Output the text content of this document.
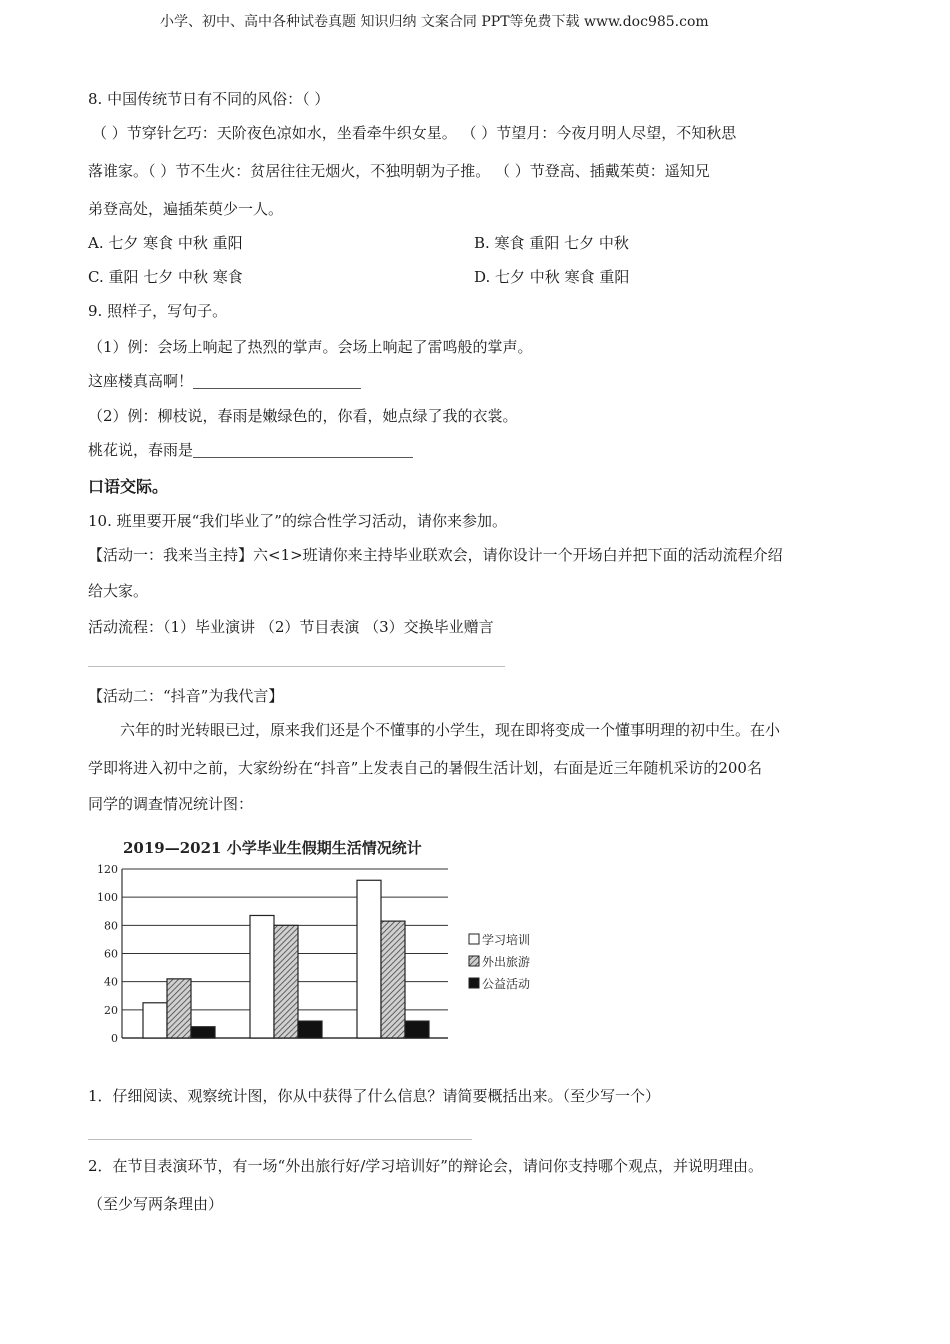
小学、初中、高中各种试卷真题 知识归纳 文案合同 PPT等免费下载 www.doc985.com
8. 中国传统节日有不同的风俗：（ ）
（ ）节穿针乞巧：天阶夜色凉如水，坐看牵牛织女星。 （ ）节望月：今夜月明人尽望，不知秋思
落谁家。（ ）节不生火：贫居往往无烟火，不独明朝为子推。 （ ）节登高、插戴茱萸：遥知兄
弟登高处，遍插茱萸少一人。
A. 七夕 寒食 中秋 重阳	B. 寒食 重阳 七夕 中秋
C. 重阳 七夕 中秋 寒食	D. 七夕 中秋 寒食 重阳
9. 照样子，写句子。
（1）例：会场上响起了热烈的掌声。会场上响起了雷鸣般的掌声。
这座楼真高啊！
（2）例：柳枝说，春雨是嫩绿色的，你看，她点绿了我的衣裳。
桃花说，春雨是
口语交际。
10. 班里要开展“我们毕业了”的综合性学习活动，请你来参加。
【活动一：我来当主持】六<1>班请你来主持毕业联欢会，请你设计一个开场白并把下面的活动流程介绍
给大家。
活动流程：（1）毕业演讲 （2）节目表演 （3）交换毕业赠言
【活动二：“抖音”为我代言】
六年的时光转眼已过，原来我们还是个不懂事的小学生，现在即将变成一个懂事明理的初中生。在小
学即将进入初中之前，大家纷纷在“抖音”上发表自己的暑假生活计划，右面是近三年随机采访的200名
同学的调查情况统计图：
2019—2021 小学毕业生假期生活情况统计
0
20
40
60
80
100
120
学习培训
外出旅游
公益活动
1．仔细阅读、观察统计图，你从中获得了什么信息？请简要概括出来。（至少写一个）
2．在节目表演环节，有一场“外出旅行好/学习培训好”的辩论会，请问你支持哪个观点，并说明理由。
（至少写两条理由）
